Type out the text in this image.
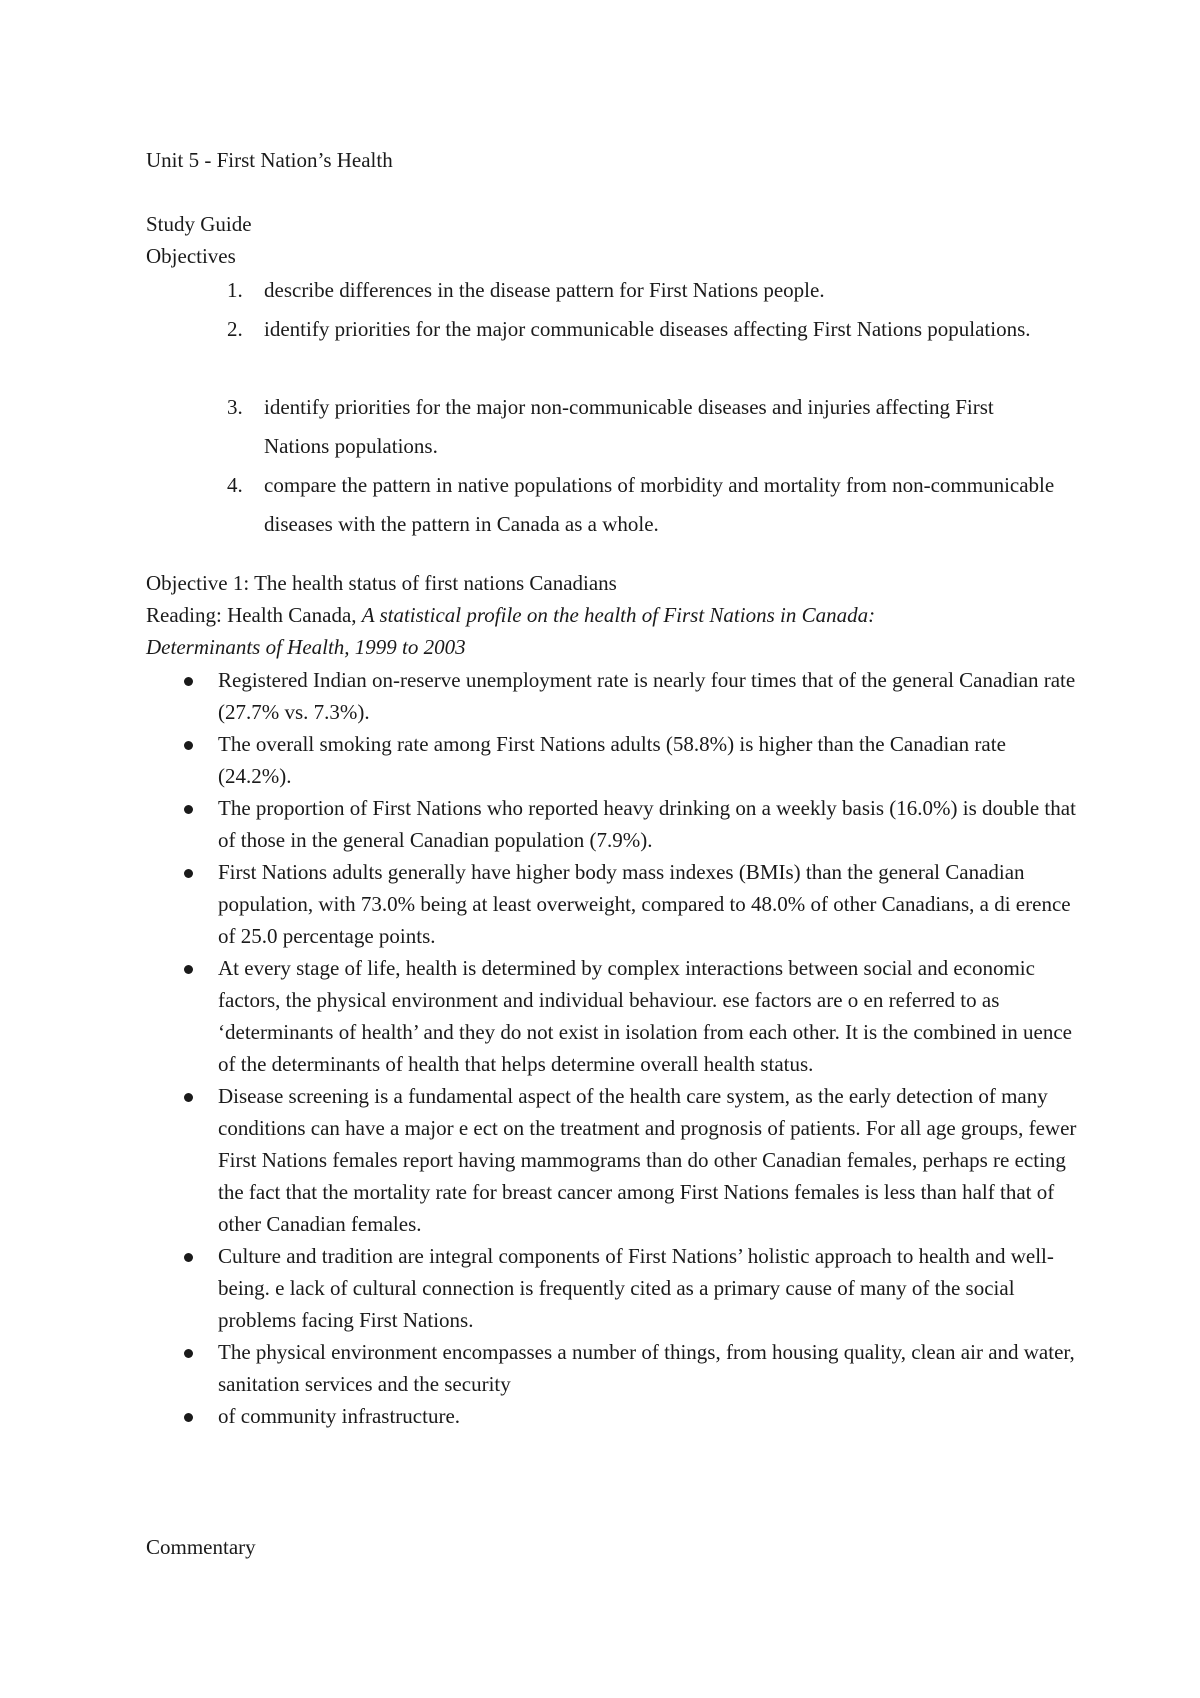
Unit 5 - First Nation’s Health

Study Guide

Objectives

1.	describe differences in the disease pattern for First Nations people.

2.	identify priorities for the major communicable diseases affecting First Nations populations.

3.	identify priorities for the major non-communicable diseases and injuries affecting First Nations populations.

4.	compare the pattern in native populations of morbidity and mortality from non-communicable diseases with the pattern in Canada as a whole.

Objective 1: The health status of first nations Canadians

Reading: Health Canada, A statistical profile on the health of First Nations in Canada:

Determinants of Health, 1999 to 2003

Registered Indian on-reserve unemployment rate is nearly four times that of the general Canadian rate (27.7% vs. 7.3%).
The overall smoking rate among First Nations adults (58.8%) is higher than the Canadian rate (24.2%).
The proportion of First Nations who reported heavy drinking on a weekly basis (16.0%) is double that of those in the general Canadian population (7.9%).
First Nations adults generally have higher body mass indexes (BMIs) than the general Canadian population, with 73.0% being at least overweight, compared to 48.0% of other Canadians, a di erence of 25.0 percentage points.
At every stage of life, health is determined by complex interactions between social and economic factors, the physical environment and individual behaviour. ese factors are o en referred to as ‘determinants of health’ and they do not exist in isolation from each other. It is the combined in uence of the determinants of health that helps determine overall health status.
Disease screening is a fundamental aspect of the health care system, as the early detection of many conditions can have a major e ect on the treatment and prognosis of patients. For all age groups, fewer First Nations females report having mammograms than do other Canadian females, perhaps re ecting the fact that the mortality rate for breast cancer among First Nations females is less than half that of other Canadian females.
Culture and tradition are integral components of First Nations’ holistic approach to health and well-being. e lack of cultural connection is frequently cited as a primary cause of many of the social problems facing First Nations.
The physical environment encompasses a number of things, from housing quality, clean air and water, sanitation services and the security
of community infrastructure.

Commentary
